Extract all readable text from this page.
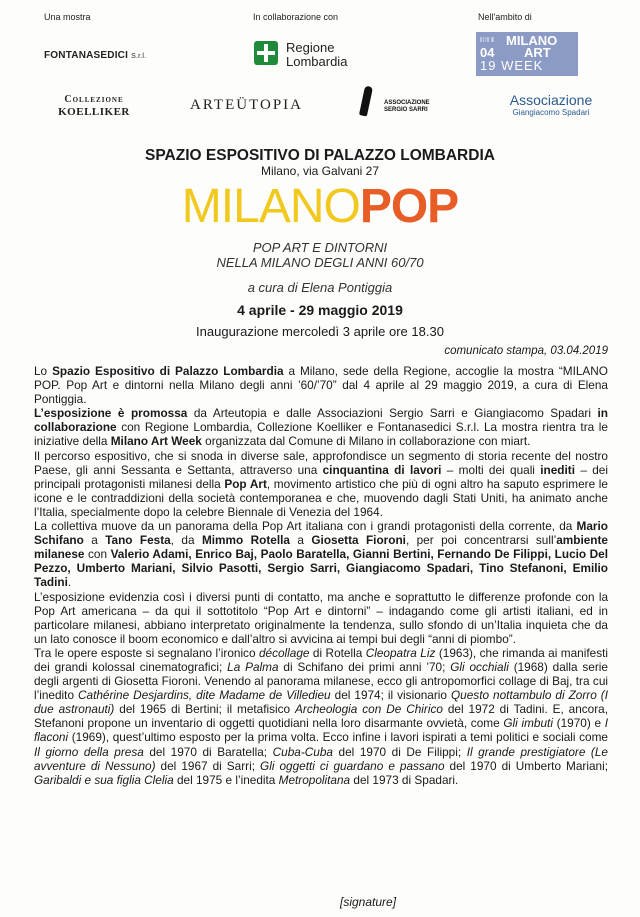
Una mostra	In collaborazione con	Nell'ambito di
FONTANASEDICI S.r.l.
Regione
Lombardia
||| ||| ||| MILANO
04 ART
19 WEEK
Collezione
KOELLIKER	ARTEÜTOPIA	ASSOCIAZIONE
SERGIO SARRI
Associazione
Giangiacomo Spadari
SPAZIO ESPOSITIVO DI PALAZZO LOMBARDIA
Milano, via Galvani 27
MILANOPOP
POP ART E DINTORNI
NELLA MILANO DEGLI ANNI 60/70
a cura di Elena Pontiggia
4 aprile - 29 maggio 2019
Inaugurazione mercoledì 3 aprile ore 18.30
comunicato stampa, 03.04.2019

Lo Spazio Espositivo di Palazzo Lombardia a Milano, sede della Regione, accoglie la mostra “MILANO POP. Pop Art e dintorni nella Milano degli anni ’60/’70” dal 4 aprile al 29 maggio 2019, a cura di Elena Pontiggia.

L’esposizione è promossa da Arteutopia e dalle Associazioni Sergio Sarri e Giangiacomo Spadari in collaborazione con Regione Lombardia, Collezione Koelliker e Fontanasedici S.r.l. La mostra rientra tra le iniziative della Milano Art Week organizzata dal Comune di Milano in collaborazione con miart.

Il percorso espositivo, che si snoda in diverse sale, approfondisce un segmento di storia recente del nostro Paese, gli anni Sessanta e Settanta, attraverso una cinquantina di lavori – molti dei quali inediti – dei principali protagonisti milanesi della Pop Art, movimento artistico che più di ogni altro ha saputo esprimere le icone e le contraddizioni della società contemporanea e che, muovendo dagli Stati Uniti, ha animato anche l’Italia, specialmente dopo la celebre Biennale di Venezia del 1964.

La collettiva muove da un panorama della Pop Art italiana con i grandi protagonisti della corrente, da Mario Schifano a Tano Festa, da Mimmo Rotella a Giosetta Fioroni, per poi concentrarsi sull’ambiente milanese con Valerio Adami, Enrico Baj, Paolo Baratella, Gianni Bertini, Fernando De Filippi, Lucio Del Pezzo, Umberto Mariani, Silvio Pasotti, Sergio Sarri, Giangiacomo Spadari, Tino Stefanoni, Emilio Tadini.

L’esposizione evidenzia così i diversi punti di contatto, ma anche e soprattutto le differenze profonde con la Pop Art americana – da qui il sottotitolo “Pop Art e dintorni” – indagando come gli artisti italiani, ed in particolare milanesi, abbiano interpretato originalmente la tendenza, sullo sfondo di un’Italia inquieta che da un lato conosce il boom economico e dall’altro si avvicina ai tempi bui degli “anni di piombo”.

Tra le opere esposte si segnalano l’ironico décollage di Rotella Cleopatra Liz (1963), che rimanda ai manifesti dei grandi kolossal cinematografici; La Palma di Schifano dei primi anni ’70; Gli occhiali (1968) dalla serie degli argenti di Giosetta Fioroni. Venendo al panorama milanese, ecco gli antropomorfici collage di Baj, tra cui l’inedito Cathérine Desjardins, dite Madame de Villedieu del 1974; il visionario Questo nottambulo di Zorro (I due astronauti) del 1965 di Bertini; il metafisico Archeologia con De Chirico del 1972 di Tadini. E, ancora, Stefanoni propone un inventario di oggetti quotidiani nella loro disarmante ovvietà, come Gli imbuti (1970) e I flaconi (1969), quest’ultimo esposto per la prima volta. Ecco infine i lavori ispirati a temi politici e sociali come Il giorno della presa del 1970 di Baratella; Cuba-Cuba del 1970 di De Filippi; Il grande prestigiatore (Le avventure di Nessuno) del 1967 di Sarri; Gli oggetti ci guardano e passano del 1970 di Umberto Mariani; Garibaldi e sua figlia Clelia del 1975 e l’inedita Metropolitana del 1973 di Spadari.

[signature]
